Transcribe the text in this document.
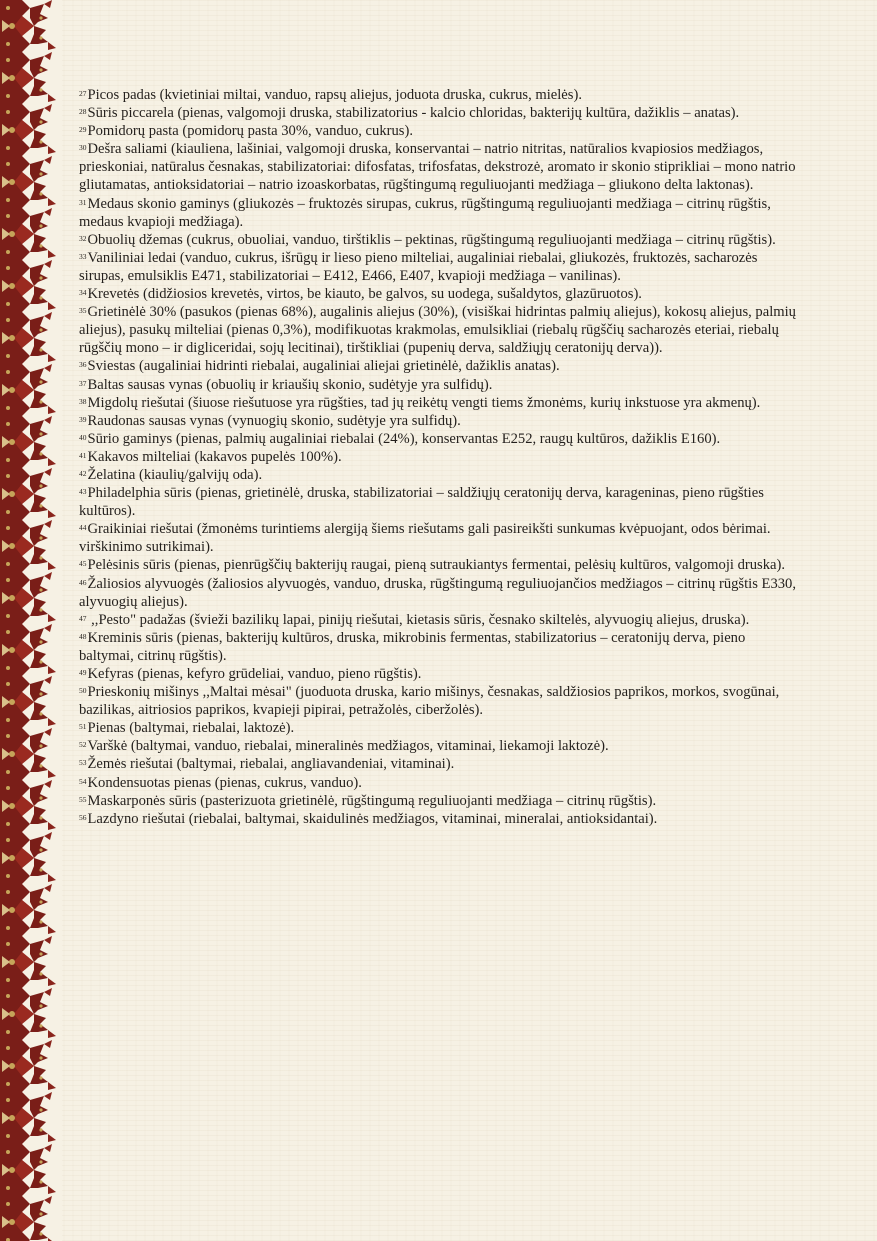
$^{27}$Picos padas (kvietiniai miltai, vanduo, rapsų aliejus, joduota druska, cukrus, mielės).

$^{28}$Sūris piccarela (pienas, valgomoji druska, stabilizatorius - kalcio chloridas, bakterijų kultūra, dažiklis – anatas).

$^{29}$Pomidorų pasta (pomidorų pasta 30%, vanduo, cukrus).

$^{30}$Dešra saliami (kiauliena, lašiniai, valgomoji druska, konservantai – natrio nitritas, natūralios kvapiosios medžiagos, prieskoniai, natūralus česnakas, stabilizatoriai: difosfatas, trifosfatas, dekstrozė, aromato ir skonio stiprikliai – mono natrio gliutamatas, antioksidatoriai – natrio izoaskorbatas, rūgštingumą reguliuojanti medžiaga – gliukono delta laktonas).

$^{31}$Medaus skonio gaminys (gliukozės – fruktozės sirupas, cukrus, rūgštingumą reguliuojanti medžiaga – citrinų rūgštis, medaus kvapioji medžiaga).

$^{32}$Obuolių džemas (cukrus, obuoliai, vanduo, tirštiklis – pektinas, rūgštingumą reguliuojanti medžiaga – citrinų rūgštis).

$^{33}$Vaniliniai ledai (vanduo, cukrus, išrūgų ir lieso pieno milteliai, augaliniai riebalai, gliukozės, fruktozės, sacharozės sirupas, emulsiklis E471, stabilizatoriai – E412, E466, E407, kvapioji medžiaga – vanilinas).

$^{34}$Krevetės (didžiosios krevetės, virtos, be kiauto, be galvos, su uodega, sušaldytos, glazūruotos).

$^{35}$Grietinėlė 30% (pasukos (pienas 68%), augalinis aliejus (30%), (visiškai hidrintas palmių aliejus), kokosų aliejus, palmių aliejus), pasukų milteliai (pienas 0,3%), modifikuotas krakmolas, emulsikliai (riebalų rūgščių sacharozės eteriai, riebalų rūgščių mono – ir digliceridai, sojų lecitinai), tirštikliai (pupenių derva, saldžiųjų ceratonijų derva)).

$^{36}$Sviestas (augaliniai hidrinti riebalai, augaliniai aliejai grietinėlė, dažiklis anatas).

$^{37}$Baltas sausas vynas (obuolių ir kriaušių skonio, sudėtyje yra sulfidų).

$^{38}$Migdolų riešutai (šiuose riešutuose yra rūgšties, tad jų reikėtų vengti tiems žmonėms, kurių inkstuose yra akmenų).

$^{39}$Raudonas sausas vynas (vynuogių skonio, sudėtyje yra sulfidų).

$^{40}$Sūrio gaminys (pienas, palmių augaliniai riebalai (24%), konservantas E252, raugų kultūros, dažiklis E160).

$^{41}$Kakavos milteliai (kakavos pupelės 100%).

$^{42}$Želatina (kiaulių/galvijų oda).

$^{43}$Philadelphia sūris (pienas, grietinėlė, druska, stabilizatoriai – saldžiųjų ceratonijų derva, karageninas, pieno rūgšties kultūros).

$^{44}$Graikiniai riešutai (žmonėms turintiems alergiją šiems riešutams gali pasireikšti sunkumas kvėpuojant, odos bėrimai. virškinimo sutrikimai).

$^{45}$Pelėsinis sūris (pienas, pienrūgščių bakterijų raugai, pieną sutraukiantys fermentai, pelėsių kultūros, valgomoji druska).

$^{46}$Žaliosios alyvuogės (žaliosios alyvuogės, vanduo, druska, rūgštingumą reguliuojančios medžiagos – citrinų rūgštis E330, alyvuogių aliejus).

$^{47}$ ,,Pesto" padažas (švieži bazilikų lapai, pinijų riešutai, kietasis sūris, česnako skiltelės, alyvuogių aliejus, druska).

$^{48}$Kreminis sūris (pienas, bakterijų kultūros, druska, mikrobinis fermentas, stabilizatorius – ceratonijų derva, pieno baltymai, citrinų rūgštis).

$^{49}$Kefyras (pienas, kefyro grūdeliai, vanduo, pieno rūgštis).

$^{50}$Prieskonių mišinys ,,Maltai mėsai" (juoduota druska, kario mišinys, česnakas, saldžiosios paprikos, morkos, svogūnai, bazilikas, aitriosios paprikos, kvapieji pipirai, petražolės, ciberžolės).

$^{51}$Pienas (baltymai, riebalai, laktozė).

$^{52}$Varškė (baltymai, vanduo, riebalai, mineralinės medžiagos, vitaminai, liekamoji laktozė).

$^{53}$Žemės riešutai (baltymai, riebalai, angliavandeniai, vitaminai).

$^{54}$Kondensuotas pienas (pienas, cukrus, vanduo).

$^{55}$Maskarponės sūris (pasterizuota grietinėlė, rūgštingumą reguliuojanti medžiaga – citrinų rūgštis).

$^{56}$Lazdyno riešutai (riebalai, baltymai, skaidulinės medžiagos, vitaminai, mineralai, antioksidantai).
